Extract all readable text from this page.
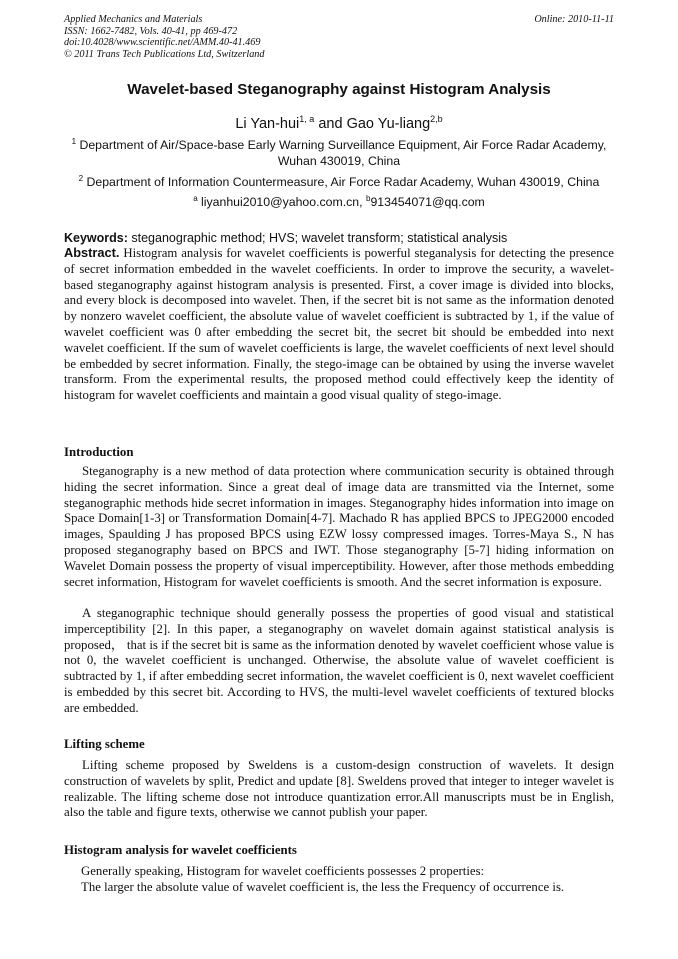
Applied Mechanics and Materials
ISSN: 1662-7482, Vols. 40-41, pp 469-472
doi:10.4028/www.scientific.net/AMM.40-41.469
© 2011 Trans Tech Publications Ltd, Switzerland
Online: 2010-11-11
Wavelet-based Steganography against Histogram Analysis
Li Yan-hui$^{1, a}$ and Gao Yu-liang$^{2,b}$
$^1$ Department of Air/Space-base Early Warning Surveillance Equipment, Air Force Radar Academy, Wuhan 430019, China
$^2$ Department of Information Countermeasure, Air Force Radar Academy, Wuhan 430019, China
$^a$ liyanhui2010@yahoo.com.cn, $^b$913454071@qq.com
Keywords: steganographic method; HVS; wavelet transform; statistical analysis
Abstract. Histogram analysis for wavelet coefficients is powerful steganalysis for detecting the presence of secret information embedded in the wavelet coefficients. In order to improve the security, a wavelet-based steganography against histogram analysis is presented. First, a cover image is divided into blocks, and every block is decomposed into wavelet. Then, if the secret bit is not same as the information denoted by nonzero wavelet coefficient, the absolute value of wavelet coefficient is subtracted by 1, if the value of wavelet coefficient was 0 after embedding the secret bit, the secret bit should be embedded into next wavelet coefficient. If the sum of wavelet coefficients is large, the wavelet coefficients of next level should be embedded by secret information. Finally, the stego-image can be obtained by using the inverse wavelet transform. From the experimental results, the proposed method could effectively keep the identity of histogram for wavelet coefficients and maintain a good visual quality of stego-image.
Introduction
Steganography is a new method of data protection where communication security is obtained through hiding the secret information. Since a great deal of image data are transmitted via the Internet, some steganographic methods hide secret information in images. Steganography hides information into image on Space Domain[1-3] or Transformation Domain[4-7]. Machado R has applied BPCS to JPEG2000 encoded images, Spaulding J has proposed BPCS using EZW lossy compressed images. Torres-Maya S., N has proposed steganography based on BPCS and IWT. Those steganography [5-7] hiding information on Wavelet Domain possess the property of visual imperceptibility. However, after those methods embedding secret information, Histogram for wavelet coefficients is smooth. And the secret information is exposure.
A steganographic technique should generally possess the properties of good visual and statistical imperceptibility [2]. In this paper, a steganography on wavelet domain against statistical analysis is proposed， that is if the secret bit is same as the information denoted by wavelet coefficient whose value is not 0, the wavelet coefficient is unchanged. Otherwise, the absolute value of wavelet coefficient is subtracted by 1, if after embedding secret information, the wavelet coefficient is 0, next wavelet coefficient is embedded by this secret bit. According to HVS, the multi-level wavelet coefficients of textured blocks are embedded.
Lifting scheme
Lifting scheme proposed by Sweldens is a custom-design construction of wavelets. It design construction of wavelets by split, Predict and update [8]. Sweldens proved that integer to integer wavelet is realizable. The lifting scheme dose not introduce quantization error.All manuscripts must be in English, also the table and figure texts, otherwise we cannot publish your paper.
Histogram analysis for wavelet coefficients
Generally speaking, Histogram for wavelet coefficients possesses 2 properties:
The larger the absolute value of wavelet coefficient is, the less the Frequency of occurrence is.
